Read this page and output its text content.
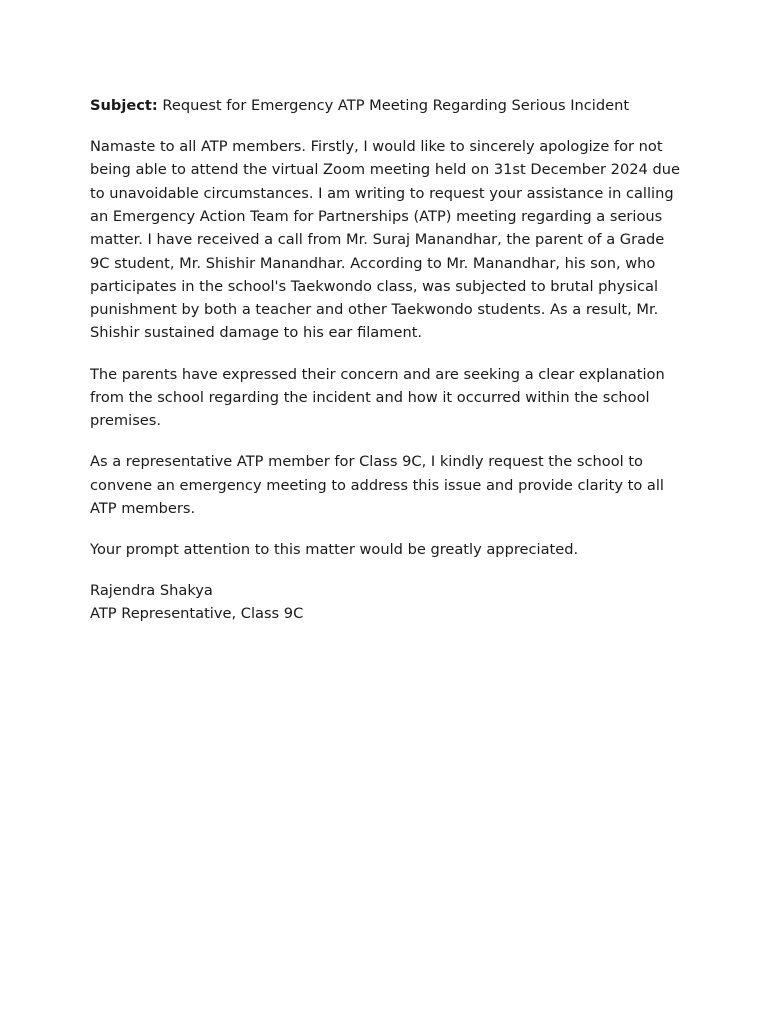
Subject: Request for Emergency ATP Meeting Regarding Serious Incident

Namaste to all ATP members. Firstly, I would like to sincerely apologize for not being able to attend the virtual Zoom meeting held on 31st December 2024 due to unavoidable circumstances. I am writing to request your assistance in calling an Emergency Action Team for Partnerships (ATP) meeting regarding a serious matter. I have received a call from Mr. Suraj Manandhar, the parent of a Grade 9C student, Mr. Shishir Manandhar. According to Mr. Manandhar, his son, who participates in the school's Taekwondo class, was subjected to brutal physical punishment by both a teacher and other Taekwondo students. As a result, Mr. Shishir sustained damage to his ear filament.

The parents have expressed their concern and are seeking a clear explanation from the school regarding the incident and how it occurred within the school premises.

As a representative ATP member for Class 9C, I kindly request the school to convene an emergency meeting to address this issue and provide clarity to all ATP members.

Your prompt attention to this matter would be greatly appreciated.

Rajendra Shakya
ATP Representative, Class 9C
